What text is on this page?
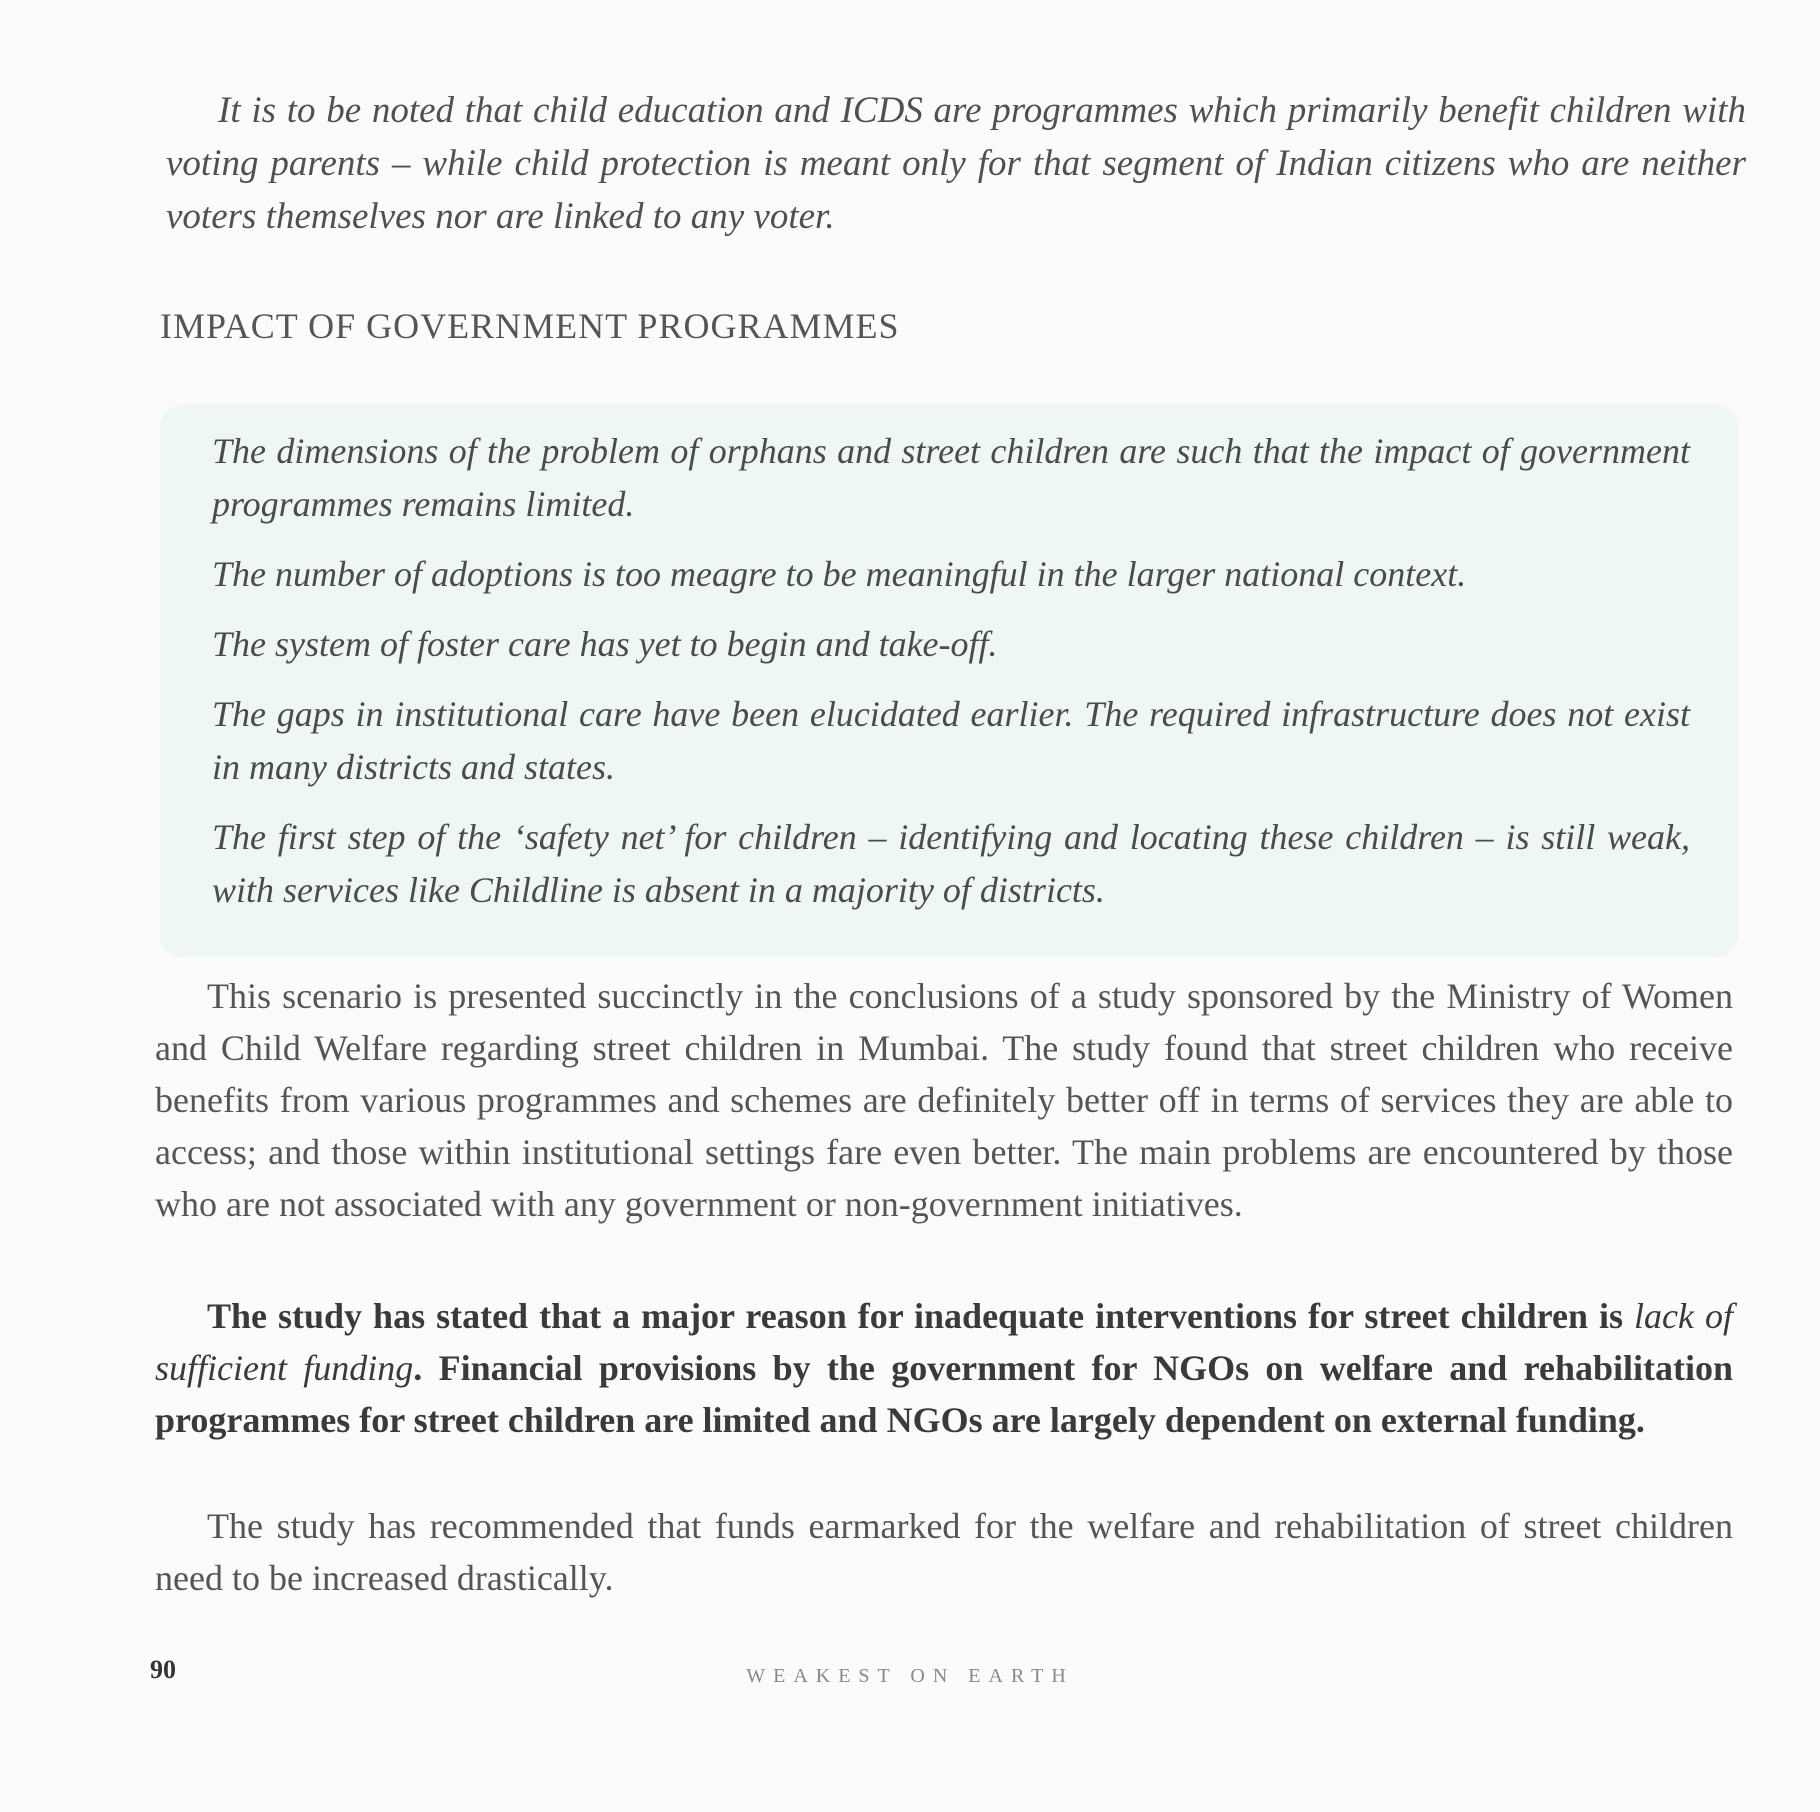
It is to be noted that child education and ICDS are programmes which primarily benefit children with voting parents – while child protection is meant only for that segment of Indian citizens who are neither voters themselves nor are linked to any voter.

IMPACT OF GOVERNMENT PROGRAMMES

The dimensions of the problem of orphans and street children are such that the impact of government programmes remains limited.

The number of adoptions is too meagre to be meaningful in the larger national context.

The system of foster care has yet to begin and take-off.

The gaps in institutional care have been elucidated earlier. The required infrastructure does not exist in many districts and states.

The first step of the ‘safety net’ for children – identifying and locating these children – is still weak, with services like Childline is absent in a majority of districts.

This scenario is presented succinctly in the conclusions of a study sponsored by the Ministry of Women and Child Welfare regarding street children in Mumbai. The study found that street children who receive benefits from various programmes and schemes are definitely better off in terms of services they are able to access; and those within institutional settings fare even better. The main problems are encountered by those who are not associated with any government or non-government initiatives.

The study has stated that a major reason for inadequate interventions for street children is lack of sufficient funding. Financial provisions by the government for NGOs on welfare and rehabilitation programmes for street children are limited and NGOs are largely dependent on external funding.

The study has recommended that funds earmarked for the welfare and rehabilitation of street children need to be increased drastically.

90	WEAKEST ON EARTH
